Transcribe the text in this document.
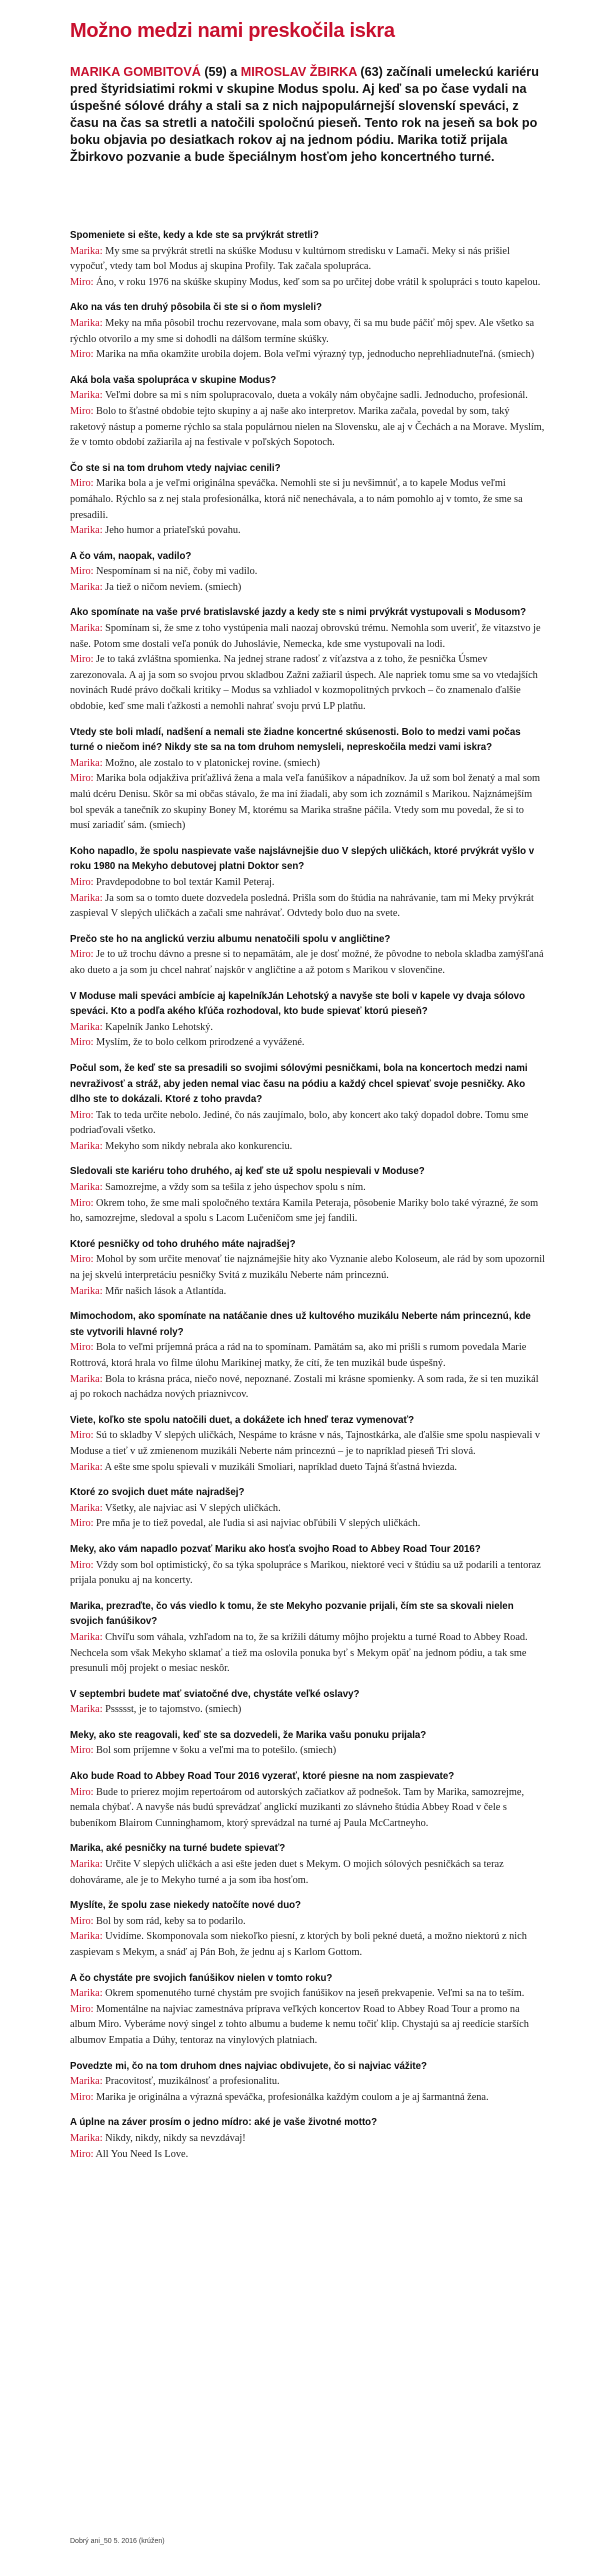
Možno medzi nami preskočila iskra

MARIKA GOMBITOVÁ (59) a MIROSLAV ŽBIRKA (63) začínali umeleckú kariéru pred štyridsiatimi rokmi v skupine Modus spolu. Aj keď sa po čase vydali na úspešné sólové dráhy a stali sa z nich najpopulárnejší slovenskí speváci, z času na čas sa stretli a natočili spoločnú pieseň. Tento rok na jeseň sa bok po boku objavia po desiatkach rokov aj na jednom pódiu. Marika totiž prijala Žbirkovo pozvanie a bude špeciálnym hosťom jeho koncertného turné.

Spomeniete si ešte, kedy a kde ste sa prvýkrát stretli?

Marika: My sme sa prvýkrát stretli na skúške Modusu v kultúrnom stredisku v Lamači. Meky si nás prišiel vypočuť, vtedy tam bol Modus aj skupina Profily. Tak začala spolupráca.

Miro: Áno, v roku 1976 na skúške skupiny Modus, keď som sa po určitej dobe vrátil k spolupráci s touto kapelou.

Ako na vás ten druhý pôsobila či ste si o ňom mysleli?

Marika: Meky na mňa pôsobil trochu rezervovane, mala som obavy, či sa mu bude páčiť môj spev. Ale všetko sa rýchlo otvorilo a my sme si dohodli na dálšom termíne skúšky.

Miro: Marika na mňa okamžite urobila dojem. Bola veľmi výrazný typ, jednoducho neprehliadnuteľná. (smiech)

Aká bola vaša spolupráca v skupine Modus?

Marika: Veľmi dobre sa mi s ním spolupracovalo, dueta a vokály nám obyčajne sadli. Jednoducho, profesionál.

Miro: Bolo to šťastné obdobie tejto skupiny a aj naše ako interpretov. Marika začala, povedal by som, taký raketový nástup a pomerne rýchlo sa stala populárnou nielen na Slovensku, ale aj v Čechách a na Morave. Myslím, že v tomto období zažiarila aj na festivale v poľských Sopotoch.

Čo ste si na tom druhom vtedy najviac cenili?

Miro: Marika bola a je veľmi originálna speváčka. Nemohli ste si ju nevšimnúť, a to kapele Modus veľmi pomáhalo. Rýchlo sa z nej stala profesionálka, ktorá nič nenechávala, a to nám pomohlo aj v tomto, že sme sa presadili.

Marika: Jeho humor a priateľskú povahu.

A čo vám, naopak, vadilo?

Miro: Nespomínam si na nič, čoby mi vadilo.

Marika: Ja tiež o ničom neviem. (smiech)

Ako spomínate na vaše prvé bratislavské jazdy a kedy ste s nimi prvýkrát vystupovali s Modusom?

Marika: Spomínam si, že sme z toho vystúpenia mali naozaj obrovskú trému. Nemohla som uveriť, že vitazstvo je naše. Potom sme dostali veľa ponúk do Juhoslávie, Nemecka, kde sme vystupovali na lodi.

Miro: Je to taká zvláštna spomienka. Na jednej strane radosť z víťazstva a z toho, že pesnička Úsmev zarezonovala. A aj ja som so svojou prvou skladbou Zažni zažiaril úspech. Ale napriek tomu sme sa vo vtedajších novinách Rudé právo dočkali kritiky – Modus sa vzhliadol v kozmopolitných prvkoch – čo znamenalo ďalšie obdobie, keď sme mali ťažkosti a nemohli nahrať svoju prvú LP platňu.

Vtedy ste boli mladí, nadšení a nemali ste žiadne koncertné skúsenosti. Bolo to medzi vami počas turné o niečom iné? Nikdy ste sa na tom druhom nemysleli, nepreskočila medzi vami iskra?

Marika: Možno, ale zostalo to v platonickej rovine. (smiech)

Miro: Marika bola odjakživa príťažlivá žena a mala veľa fanúšikov a nápadníkov. Ja už som bol ženatý a mal som malú dcéru Denisu. Skôr sa mi občas stávalo, že ma iní žiadali, aby som ich zoznámil s Marikou. Najznámejším bol spevák a tanečník zo skupiny Boney M, ktorému sa Marika strašne páčila. Vtedy som mu povedal, že si to musí zariadiť sám. (smiech)

Koho napadlo, že spolu naspievate vaše najslávnejšie duo V slepých uličkách, ktoré prvýkrát vyšlo v roku 1980 na Mekyho debutovej platni Doktor sen?

Miro: Pravdepodobne to bol textár Kamil Peteraj.

Marika: Ja som sa o tomto duete dozvedela posledná. Prišla som do štúdia na nahrávanie, tam mi Meky prvýkrát zaspieval V slepých uličkách a začali sme nahrávať. Odvtedy bolo duo na svete.

Prečo ste ho na anglickú verziu albumu nenatočili spolu v angličtine?

Miro: Je to už trochu dávno a presne si to nepamätám, ale je dosť možné, že pôvodne to nebola skladba zamýšľaná ako dueto a ja som ju chcel nahrať najskôr v angličtine a až potom s Marikou v slovenčine.

V Moduse mali speváci ambície aj kapelníkJán Lehotský a navyše ste boli v kapele vy dvaja sólovo speváci. Kto a podľa akého kľúča rozhodoval, kto bude spievať ktorú pieseň?

Marika: Kapelník Janko Lehotský.

Miro: Myslím, že to bolo celkom prirodzené a vyvážené.

Počul som, že keď ste sa presadili so svojimi sólovými pesničkami, bola na koncertoch medzi nami nevraživosť a stráž, aby jeden nemal viac času na pódiu a každý chcel spievať svoje pesničky. Ako dlho ste to dokázali. Ktoré z toho pravda?

Miro: Tak to teda určite nebolo. Jediné, čo nás zaujímalo, bolo, aby koncert ako taký dopadol dobre. Tomu sme podriaďovali všetko.

Marika: Mekyho som nikdy nebrala ako konkurenciu.

Sledovali ste kariéru toho druhého, aj keď ste už spolu nespievali v Moduse?

Marika: Samozrejme, a vždy som sa tešila z jeho úspechov spolu s ním.

Miro: Okrem toho, že sme mali spoločného textára Kamila Peteraja, pôsobenie Mariky bolo také výrazné, že som ho, samozrejme, sledoval a spolu s Lacom Lučeničom sme jej fandili.

Ktoré pesničky od toho druhého máte najradšej?

Miro: Mohol by som určite menovať tie najznámejšie hity ako Vyznanie alebo Koloseum, ale rád by som upozornil na jej skvelú interpretáciu pesničky Svitá z muzikálu Neberte nám princeznú.

Marika: Mňr našich lások a Atlantída.

Mimochodom, ako spomínate na natáčanie dnes už kultového muzikálu Neberte nám princeznú, kde ste vytvorili hlavné roly?

Miro: Bola to veľmi príjemná práca a rád na to spomínam. Pamätám sa, ako mi prišli s rumom povedala Marie Rottrová, ktorá hrala vo filme úlohu Marikinej matky, že cítí, že ten muzikál bude úspešný.

Marika: Bola to krásna práca, niečo nové, nepoznané. Zostali mi krásne spomienky. A som rada, že si ten muzikál aj po rokoch nachádza nových priaznivcov.

Viete, koľko ste spolu natočili duet, a dokážete ich hneď teraz vymenovať?

Miro: Sú to skladby V slepých uličkách, Nespáme to krásne v nás, Tajnostkárka, ale ďalšie sme spolu naspievali v Moduse a tieť v už zmienenom muzikáli Neberte nám princeznú – je to napríklad pieseň Tri slová.

Marika: A ešte sme spolu spievali v muzikáli Smoliari, napríklad dueto Tajná šťastná hviezda.

Ktoré zo svojich duet máte najradšej?

Marika: Všetky, ale najviac asi V slepých uličkách.

Miro: Pre mňa je to tiež povedal, ale ľudia si asi najviac obľúbili V slepých uličkách.

Meky, ako vám napadlo pozvať Mariku ako hosťa svojho Road to Abbey Road Tour 2016?

Miro: Vždy som bol optimistický, čo sa týka spolupráce s Marikou, niektoré veci v štúdiu sa už podarili a tentoraz prijala ponuku aj na koncerty.

Marika, prezraďte, čo vás viedlo k tomu, že ste Mekyho pozvanie prijali, čím ste sa skovali nielen svojich fanúšikov?

Marika: Chvíľu som váhala, vzhľadom na to, že sa krížili dátumy môjho projektu a turné Road to Abbey Road. Nechcela som však Mekyho sklamať a tiež ma oslovila ponuka byť s Mekym opäť na jednom pódiu, a tak sme presunuli môj projekt o mesiac neskôr.

V septembri budete mať sviatočné dve, chystáte veľké oslavy?

Marika: Pssssst, je to tajomstvo. (smiech)

Meky, ako ste reagovali, keď ste sa dozvedeli, že Marika vašu ponuku prijala?

Miro: Bol som príjemne v šoku a veľmi ma to potešilo. (smiech)

Ako bude Road to Abbey Road Tour 2016 vyzerať, ktoré piesne na nom zaspievate?

Miro: Bude to prierez mojim repertoárom od autorských začiatkov až podnešok. Tam by Marika, samozrejme, nemala chýbať. A navyše nás budú sprevádzať anglickí muzikanti zo slávneho štúdia Abbey Road v čele s bubeníkom Blairom Cunninghamom, ktorý sprevádzal na turné aj Paula McCartneyho.

Marika, aké pesničky na turné budete spievať?

Marika: Určite V slepých uličkách a asi ešte jeden duet s Mekym. O mojich sólových pesničkách sa teraz dohovárame, ale je to Mekyho turné a ja som iba hosťom.

Myslíte, že spolu zase niekedy natočíte nové duo?

Miro: Bol by som rád, keby sa to podarilo.

Marika: Uvidíme. Skomponovala som niekoľko piesní, z ktorých by boli pekné duetá, a možno niektorú z nich zaspievam s Mekym, a snáď aj Pán Boh, že jednu aj s Karlom Gottom.

A čo chystáte pre svojich fanúšikov nielen v tomto roku?

Marika: Okrem spomenutého turné chystám pre svojich fanúšikov na jeseň prekvapenie. Veľmi sa na to teším.

Miro: Momentálne na najviac zamestnáva príprava veľkých koncertov Road to Abbey Road Tour a promo na album Miro. Vyberáme nový singel z tohto albumu a budeme k nemu točiť klip. Chystajú sa aj reedície starších albumov Empatia a Dúhy, tentoraz na vinylových platniach.

Povedzte mi, čo na tom druhom dnes najviac obdivujete, čo si najviac vážite?

Marika: Pracovitosť, muzikálnosť a profesionalitu.

Miro: Marika je originálna a výrazná speváčka, profesionálka každým coulom a je aj šarmantná žena.

A úplne na záver prosím o jedno mídro: aké je vaše životné motto?

Marika: Nikdy, nikdy, nikdy sa nevzdávaj!

Miro: All You Need Is Love.

Dobrý ani_50 5. 2016 (krúžen)
